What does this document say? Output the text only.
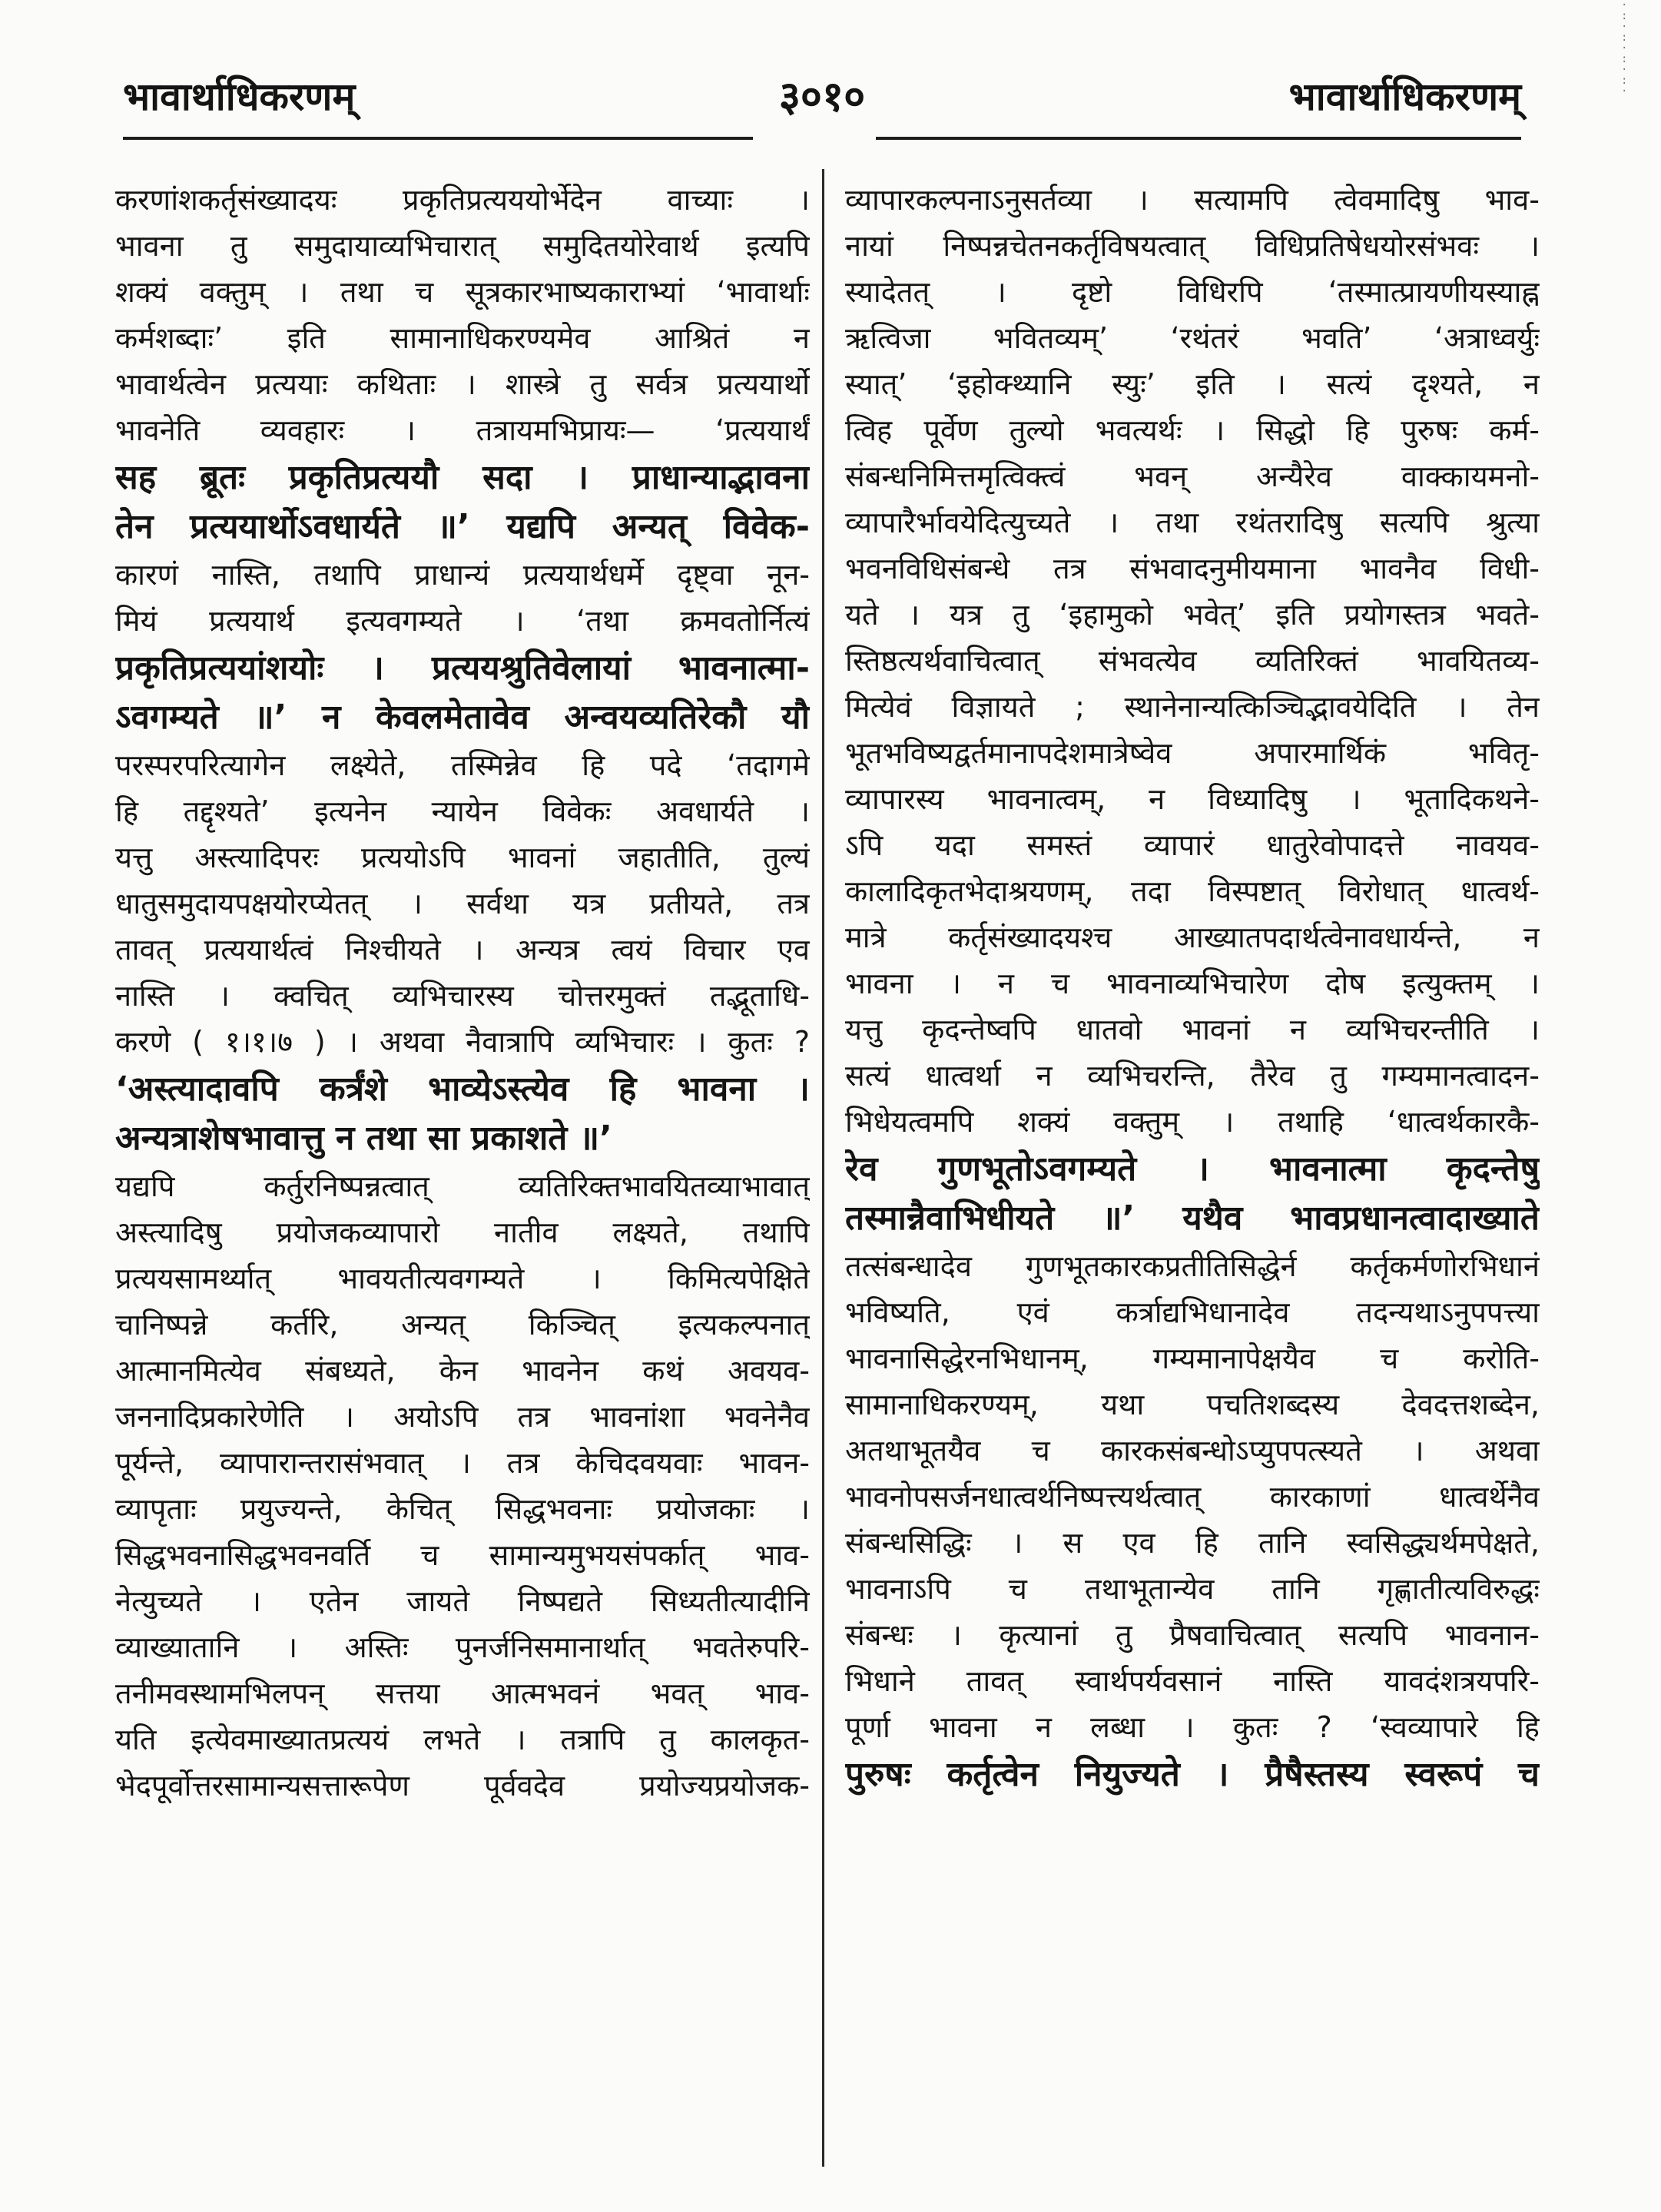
·
:
·
:
·
:
·
:
·
भावार्थाधिकरणम्	३०१०	भावार्थाधिकरणम्
करणांशकर्तृसंख्यादयः प्रकृतिप्रत्यययोर्भेदेन वाच्याः ।
भावना तु समुदायाव्यभिचारात् समुदितयोरेवार्थ इत्यपि
शक्यं वक्तुम् । तथा च सूत्रकारभाष्यकाराभ्यां ‘भावार्थाः
कर्मशब्दाः’ इति सामानाधिकरण्यमेव आश्रितं न
भावार्थत्वेन प्रत्ययाः कथिताः । शास्त्रे तु सर्वत्र प्रत्ययार्थो
भावनेति व्यवहारः । तत्रायमभिप्रायः— ‘प्रत्ययार्थं
सह ब्रूतः प्रकृतिप्रत्ययौ सदा । प्राधान्याद्भावना
तेन प्रत्ययार्थोऽवधार्यते ॥’ यद्यपि अन्यत् विवेक-
कारणं नास्ति, तथापि प्राधान्यं प्रत्ययार्थधर्मे दृष्ट्वा नून-
मियं प्रत्ययार्थ इत्यवगम्यते । ‘तथा क्रमवतोर्नित्यं
प्रकृतिप्रत्ययांशयोः । प्रत्ययश्रुतिवेलायां भावनात्मा-
ऽवगम्यते ॥’ न केवलमेतावेव अन्वयव्यतिरेकौ यौ
परस्परपरित्यागेन लक्ष्येते, तस्मिन्नेव हि पदे ‘तदागमे
हि तद्दृश्यते’ इत्यनेन न्यायेन विवेकः अवधार्यते ।
यत्तु अस्त्यादिपरः प्रत्ययोऽपि भावनां जहातीति, तुल्यं
धातुसमुदायपक्षयोरप्येतत् । सर्वथा यत्र प्रतीयते, तत्र
तावत् प्रत्ययार्थत्वं निश्चीयते । अन्यत्र त्वयं विचार एव
नास्ति । क्वचित् व्यभिचारस्य चोत्तरमुक्तं तद्भूताधि-
करणे ( १।१।७ ) । अथवा नैवात्रापि व्यभिचारः । कुतः ?
‘अस्त्यादावपि कर्त्रंशे भाव्येऽस्त्येव हि भावना ।
अन्यत्राशेषभावात्तु न तथा सा प्रकाशते ॥’
यद्यपि कर्तुरनिष्पन्नत्वात् व्यतिरिक्तभावयितव्याभावात्
अस्त्यादिषु प्रयोजकव्यापारो नातीव लक्ष्यते, तथापि
प्रत्ययसामर्थ्यात् भावयतीत्यवगम्यते । किमित्यपेक्षिते
चानिष्पन्ने कर्तरि, अन्यत् किञ्चित् इत्यकल्पनात्
आत्मानमित्येव संबध्यते, केन भावनेन कथं अवयव-
जननादिप्रकारेणेति । अयोऽपि तत्र भावनांशा भवनेनैव
पूर्यन्ते, व्यापारान्तरासंभवात् । तत्र केचिदवयवाः भावन-
व्यापृताः प्रयुज्यन्ते, केचित् सिद्धभवनाः प्रयोजकाः ।
सिद्धभवनासिद्धभवनवर्ति च सामान्यमुभयसंपर्कात् भाव-
नेत्युच्यते । एतेन जायते निष्पद्यते सिध्यतीत्यादीनि
व्याख्यातानि । अस्तिः पुनर्जनिसमानार्थात् भवतेरुपरि-
तनीमवस्थामभिलपन् सत्तया आत्मभवनं भवत् भाव-
यति इत्येवमाख्यातप्रत्ययं लभते । तत्रापि तु कालकृत-
भेदपूर्वोत्तरसामान्यसत्तारूपेण पूर्ववदेव प्रयोज्यप्रयोजक-
व्यापारकल्पनाऽनुसर्तव्या । सत्यामपि त्वेवमादिषु भाव-
नायां निष्पन्नचेतनकर्तृविषयत्वात् विधिप्रतिषेधयोरसंभवः ।
स्यादेतत् । दृष्टो विधिरपि ‘तस्मात्प्रायणीयस्याह्न
ऋत्विजा भवितव्यम्’ ‘रथंतरं भवति’ ‘अत्राध्वर्युः
स्यात्’ ‘इहोक्थ्यानि स्युः’ इति । सत्यं दृश्यते, न
त्विह पूर्वेण तुल्यो भवत्यर्थः । सिद्धो हि पुरुषः कर्म-
संबन्धनिमित्तमृत्विक्त्वं भवन् अन्यैरेव वाक्कायमनो-
व्यापारैर्भावयेदित्युच्यते । तथा रथंतरादिषु सत्यपि श्रुत्या
भवनविधिसंबन्धे तत्र संभवादनुमीयमाना भावनैव विधी-
यते । यत्र तु ‘इहामुको भवेत्’ इति प्रयोगस्तत्र भवते-
स्तिष्ठत्यर्थवाचित्वात् संभवत्येव व्यतिरिक्तं भावयितव्य-
मित्येवं विज्ञायते ; स्थानेनान्यत्किञ्चिद्भावयेदिति । तेन
भूतभविष्यद्वर्तमानापदेशमात्रेष्वेव अपारमार्थिकं भवितृ-
व्यापारस्य भावनात्वम्, न विध्यादिषु । भूतादिकथने-
ऽपि यदा समस्तं व्यापारं धातुरेवोपादत्ते नावयव-
कालादिकृतभेदाश्रयणम्, तदा विस्पष्टात् विरोधात् धात्वर्थ-
मात्रे कर्तृसंख्यादयश्च आख्यातपदार्थत्वेनावधार्यन्ते, न
भावना । न च भावनाव्यभिचारेण दोष इत्युक्तम् ।
यत्तु कृदन्तेष्वपि धातवो भावनां न व्यभिचरन्तीति ।
सत्यं धात्वर्था न व्यभिचरन्ति, तैरेव तु गम्यमानत्वादन-
भिधेयत्वमपि शक्यं वक्तुम् । तथाहि ‘धात्वर्थकारकै-
रेव गुणभूतोऽवगम्यते । भावनात्मा कृदन्तेषु
तस्मान्नैवाभिधीयते ॥’ यथैव भावप्रधानत्वादाख्याते
तत्संबन्धादेव गुणभूतकारकप्रतीतिसिद्धेर्न कर्तृकर्मणोरभिधानं
भविष्यति, एवं कर्त्राद्यभिधानादेव तदन्यथाऽनुपपत्त्या
भावनासिद्धेरनभिधानम्, गम्यमानापेक्षयैव च करोति-
सामानाधिकरण्यम्, यथा पचतिशब्दस्य देवदत्तशब्देन,
अतथाभूतयैव च कारकसंबन्धोऽप्युपपत्स्यते । अथवा
भावनोपसर्जनधात्वर्थनिष्पत्त्यर्थत्वात् कारकाणां धात्वर्थेनैव
संबन्धसिद्धिः । स एव हि तानि स्वसिद्ध्यर्थमपेक्षते,
भावनाऽपि च तथाभूतान्येव तानि गृह्णातीत्यविरुद्धः
संबन्धः । कृत्यानां तु प्रैषवाचित्वात् सत्यपि भावनान-
भिधाने तावत् स्वार्थपर्यवसानं नास्ति यावदंशत्रयपरि-
पूर्णा भावना न लब्धा । कुतः ? ‘स्वव्यापारे हि
पुरुषः कर्तृत्वेन नियुज्यते । प्रैषैस्तस्य स्वरूपं च
